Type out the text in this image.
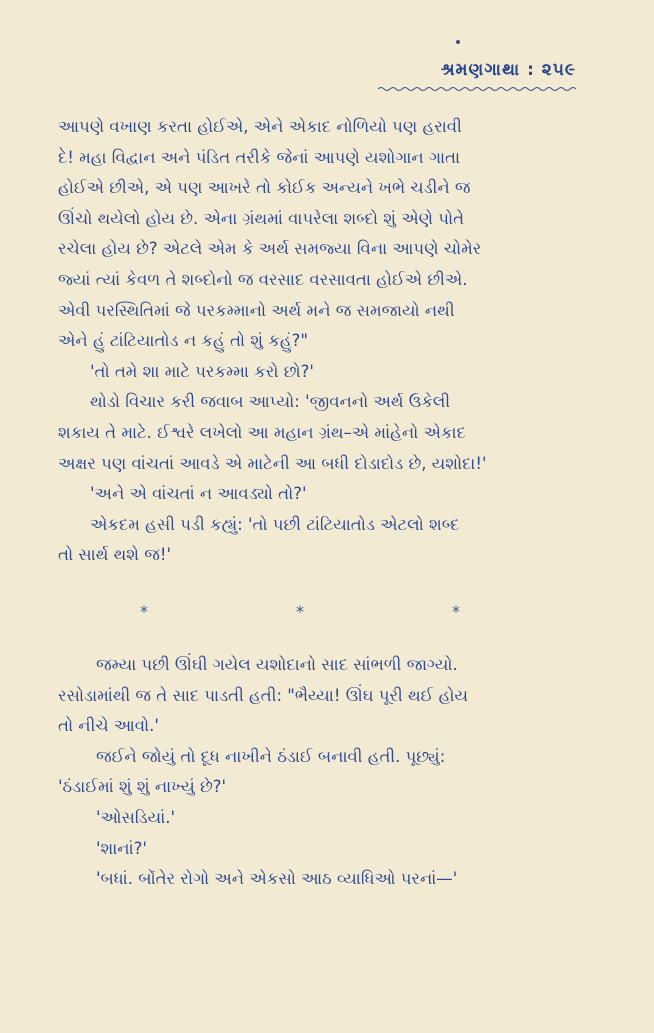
શ્રમણગાથા : ૨૫૯
આપણે વખાણ કરતા હોઈએ, એને એકાદ નોળિયો પણ હરાવી
દે! મહા વિદ્વાન અને પંડિત તરીકે જેનાં આપણે યશોગાન ગાતા
હોઈએ છીએ, એ પણ આખરે તો કોઈક અન્યને ખભે ચડીને જ
ઊંચો થયેલો હોય છે. એના ગ્રંથમાં વાપરેલા શબ્દો શું એણે પોતે
રચેલા હોય છે? એટલે એમ કે અર્થ સમજ્યા વિના આપણે ચોમેર
જ્યાં ત્યાં કેવળ તે શબ્દોનો જ વરસાદ વરસાવતા હોઈએ છીએ.
એવી પરસ્થિતિમાં જે પરકમ્માનો અર્થ મને જ સમજાયો નથી
એને હું ટાંટિયાતોડ ન કહું તો શું કહું?"
'તો તમે શા માટે પરકમ્મા કરો છો?'
થોડો વિચાર કરી જવાબ આપ્યો: 'જીવનનો અર્થ ઉકેલી
શકાય તે માટે. ઈશ્વરે લખેલો આ મહાન ગ્રંથ–એ માંહેનો એકાદ
અક્ષર પણ વાંચતાં આવડે એ માટેની આ બધી દોડાદોડ છે, યશોદા!'
'અને એ વાંચતાં ન આવડ્યો તો?'
એકદમ હસી પડી કહ્યું: 'તો પછી ટાંટિયાતોડ એટલો શબ્દ
તો સાર્થ થશે જ!'
*	*	*
જમ્યા પછી ઊંઘી ગયેલ યશોદાનો સાદ સાંભળી જાગ્યો.
રસોડામાંથી જ તે સાદ પાડતી હતી: "ભૈય્યા! ઊંઘ પૂરી થઈ હોય
તો નીચે આવો.'
જઈને જોયું તો દૂધ નાખીને ઠંડાઈ બનાવી હતી. પૂછ્યું:
'ઠંડાઈમાં શું શું નાખ્યું છે?'
'ઓસડિયાં.'
'શાનાં?'
'બધાં. બોંતેર રોગો અને એકસો આઠ વ્યાધિઓ પરનાં—'
